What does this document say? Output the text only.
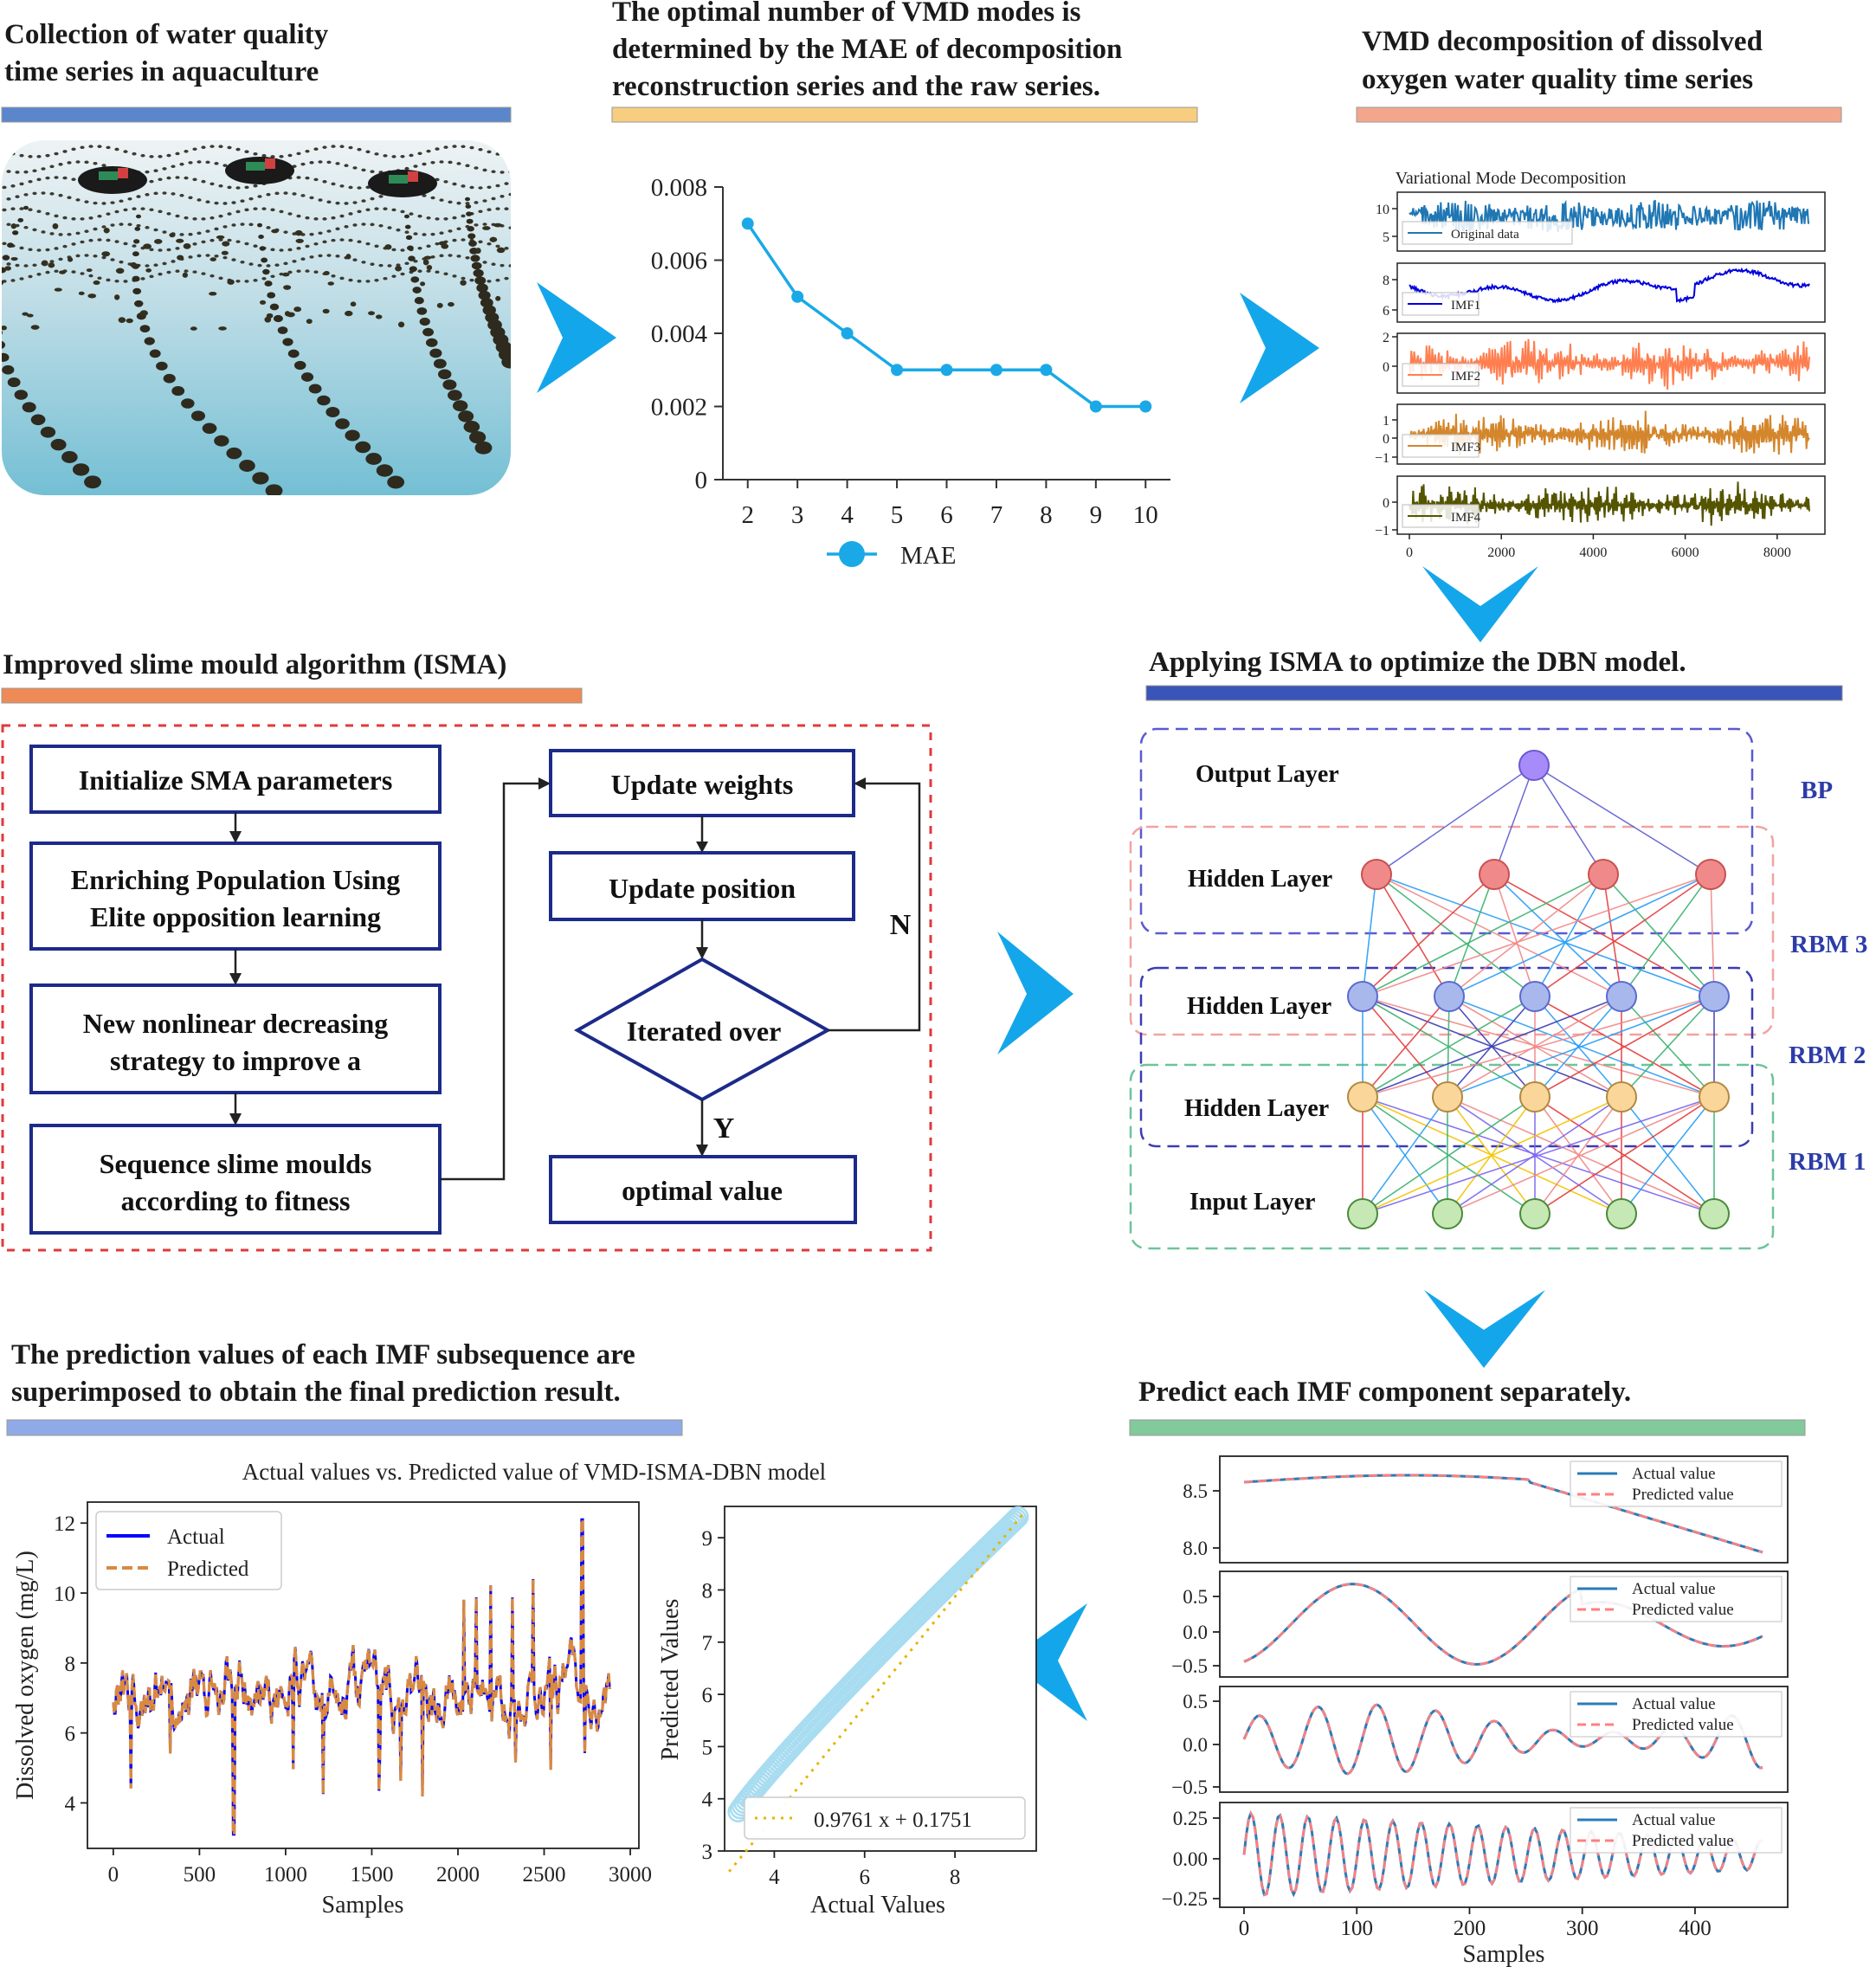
Collection of water quality
time series in aquaculture
The optimal number of VMD modes is
determined by the MAE of decomposition
reconstruction series and the raw series.
0
0.002
0.004
0.006
0.008
2 3 4 5 6 7 8 9 10
MAE
VMD decomposition of dissolved
oxygen water quality time series
Variational Mode Decomposition
10
5	Original data
8
6	IMF1
2
0
IMF2
1
0
−1
IMF3
0
−1
IMF4
0	2000	4000	6000	8000
Improved slime mould algorithm (ISMA)
Initialize SMA parameters
Enriching Population Using
Elite opposition learning
New nonlinear decreasing
strategy to improve a
Sequence slime moulds
according to fitness
Update weights
Update position
Iterated over
optimal value
N
Y
Applying ISMA to optimize the DBN model.
Output Layer
Hidden Layer
Hidden Layer
Hidden Layer
Input Layer
BP
RBM 3
RBM 2
RBM 1
The prediction values of each IMF subsequence are
superimposed to obtain the final prediction result.
Actual values vs. Predicted value of VMD-ISMA-DBN model
4
6
8
10
12
0	500 1000 1500 2000 2500 3000
Samples
Dissolved oxygen (mg/L)
Actual
Predicted
3
4
5
6
7
8
9
4	6	8
Actual Values
Predicted Values
0.9761 x + 0.1751
Predict each IMF component separately.
8.5
8.0
Actual value
Predicted value
0.5
0.0
−0.5
Actual value
Predicted value
0.5
0.0
−0.5
Actual value
Predicted value
0.25
0.00
−0.25
Actual value
Predicted value
0	100	200	300	400
Samples
